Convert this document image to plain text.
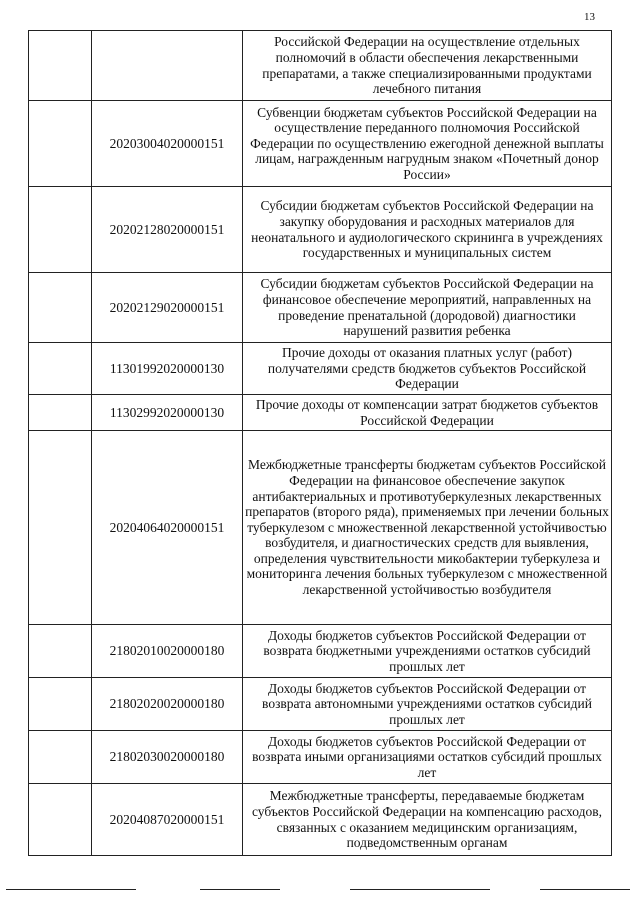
13
		Российской Федерации на осуществление отдельных полномочий в области обеспечения лекарственными препаратами, а также специализированными продуктами лечебного питания
	20203004020000151	Субвенции бюджетам субъектов Российской Федерации на осуществление переданного полномочия Российской Федерации по осуществлению ежегодной денежной выплаты лицам, награжденным нагрудным знаком «Почетный донор России»
	20202128020000151	Субсидии бюджетам субъектов Российской Федерации на закупку оборудования и расходных материалов для неонатального и аудиологического скрининга в учреждениях государственных и муниципальных систем
	20202129020000151	Субсидии бюджетам субъектов Российской Федерации на финансовое обеспечение мероприятий, направленных на проведение пренатальной (дородовой) диагностики нарушений развития ребенка
	11301992020000130	Прочие доходы от оказания платных услуг (работ) получателями средств бюджетов субъектов Российской Федерации
	11302992020000130	Прочие доходы от компенсации затрат бюджетов субъектов Российской Федерации
	20204064020000151	Межбюджетные трансферты бюджетам субъектов Российской Федерации на финансовое обеспечение закупок антибактериальных и противотуберкулезных лекарственных препаратов (второго ряда), применяемых при лечении больных туберкулезом с множественной лекарственной устойчивостью возбудителя, и диагностических средств для выявления, определения чувствительности микобактерии туберкулеза и мониторинга лечения больных туберкулезом с множественной лекарственной устойчивостью возбудителя
	21802010020000180	Доходы бюджетов субъектов Российской Федерации от возврата бюджетными учреждениями остатков субсидий прошлых лет
	21802020020000180	Доходы бюджетов субъектов Российской Федерации от возврата автономными учреждениями остатков субсидий прошлых лет
	21802030020000180	Доходы бюджетов субъектов Российской Федерации от возврата иными организациями остатков субсидий прошлых лет
	20204087020000151	Межбюджетные трансферты, передаваемые бюджетам субъектов Российской Федерации на компенсацию расходов, связанных с оказанием медицинским организациям, подведомственным органам
